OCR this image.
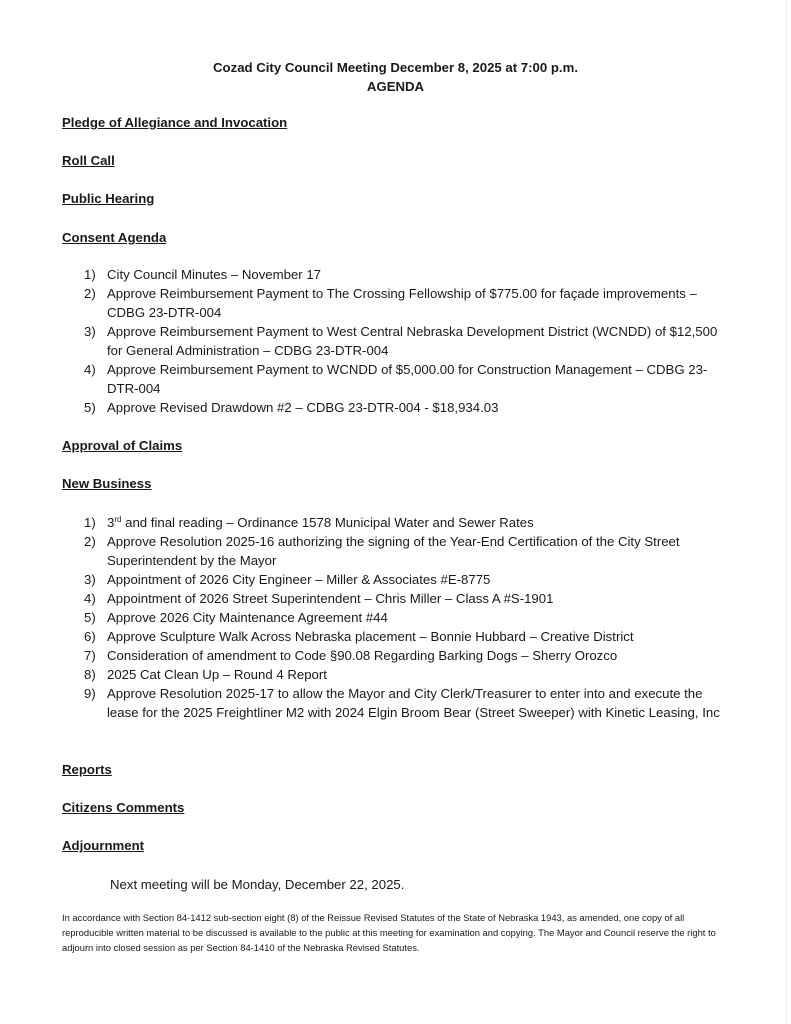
Cozad City Council Meeting December 8, 2025 at 7:00 p.m.
AGENDA
Pledge of Allegiance and Invocation
Roll Call
Public Hearing
Consent Agenda
1) City Council Minutes – November 17
2) Approve Reimbursement Payment to The Crossing Fellowship of $775.00 for façade improvements – CDBG 23-DTR-004
3) Approve Reimbursement Payment to West Central Nebraska Development District (WCNDD) of $12,500 for General Administration – CDBG 23-DTR-004
4) Approve Reimbursement Payment to WCNDD of $5,000.00 for Construction Management – CDBG 23-DTR-004
5) Approve Revised Drawdown #2 – CDBG 23-DTR-004 - $18,934.03
Approval of Claims
New Business
1) 3rd and final reading – Ordinance 1578 Municipal Water and Sewer Rates
2) Approve Resolution 2025-16 authorizing the signing of the Year-End Certification of the City Street Superintendent by the Mayor
3) Appointment of 2026 City Engineer – Miller & Associates #E-8775
4) Appointment of 2026 Street Superintendent – Chris Miller – Class A #S-1901
5) Approve 2026 City Maintenance Agreement #44
6) Approve Sculpture Walk Across Nebraska placement – Bonnie Hubbard – Creative District
7) Consideration of amendment to Code §90.08 Regarding Barking Dogs – Sherry Orozco
8) 2025 Cat Clean Up – Round 4 Report
9) Approve Resolution 2025-17 to allow the Mayor and City Clerk/Treasurer to enter into and execute the lease for the 2025 Freightliner M2 with 2024 Elgin Broom Bear (Street Sweeper) with Kinetic Leasing, Inc
Reports
Citizens Comments
Adjournment
Next meeting will be Monday, December 22, 2025.
In accordance with Section 84-1412 sub-section eight (8) of the Reissue Revised Statutes of the State of Nebraska 1943, as amended, one copy of all reproducible written material to be discussed is available to the public at this meeting for examination and copying. The Mayor and Council reserve the right to adjourn into closed session as per Section 84-1410 of the Nebraska Revised Statutes.
